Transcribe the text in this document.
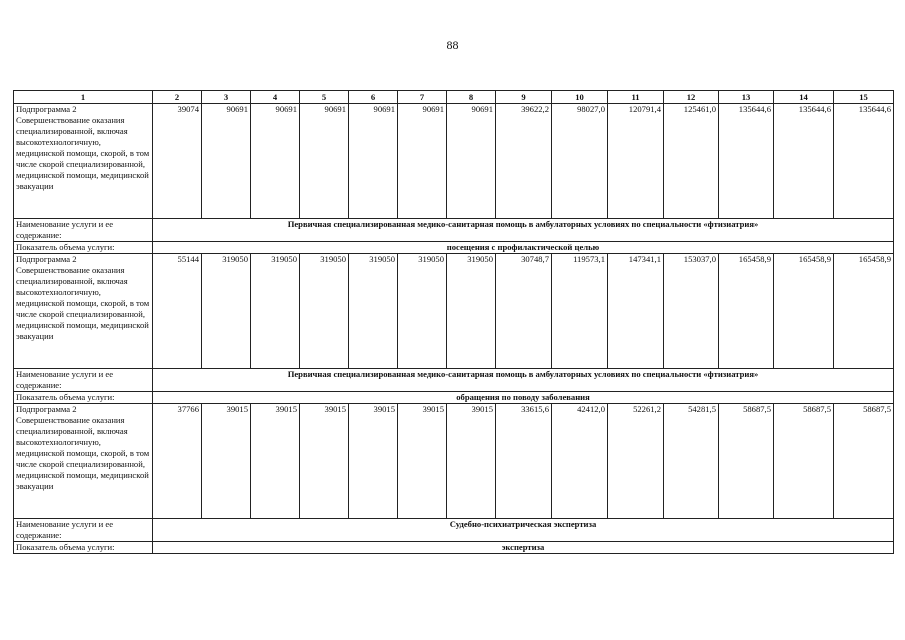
88
1	2	3	4	5	6	7	8	9	10	11	12	13	14	15
Подпрограмма 2 Совершенствование оказания специализированной, включая высокотехнологичную, медицинской помощи, скорой, в том числе скорой специализированной, медицинской помощи, медицинской эвакуации	39074	90691	90691	90691	90691	90691	90691	39622,2	98027,0	120791,4	125461,0	135644,6	135644,6	135644,6
Наименование услуги и ее содержание:	Первичная специализированная медико-санитарная помощь в амбулаторных условиях по специальности «фтизиатрия»													
Показатель объема услуги:	посещения с профилактической целью													
Подпрограмма 2 Совершенствование оказания специализированной, включая высокотехнологичную, медицинской помощи, скорой, в том числе скорой специализированной, медицинской помощи, медицинской эвакуации	55144	319050	319050	319050	319050	319050	319050	30748,7	119573,1	147341,1	153037,0	165458,9	165458,9	165458,9
Наименование услуги и ее содержание:	Первичная специализированная медико-санитарная помощь в амбулаторных условиях по специальности «фтизиатрия»													
Показатель объема услуги:	обращения по поводу заболевания													
Подпрограмма 2 Совершенствование оказания специализированной, включая высокотехнологичную, медицинской помощи, скорой, в том числе скорой специализированной, медицинской помощи, медицинской эвакуации	37766	39015	39015	39015	39015	39015	39015	33615,6	42412,0	52261,2	54281,5	58687,5	58687,5	58687,5
Наименование услуги и ее содержание:	Судебно-психиатрическая экспертиза													
Показатель объема услуги:	экспертиза													
